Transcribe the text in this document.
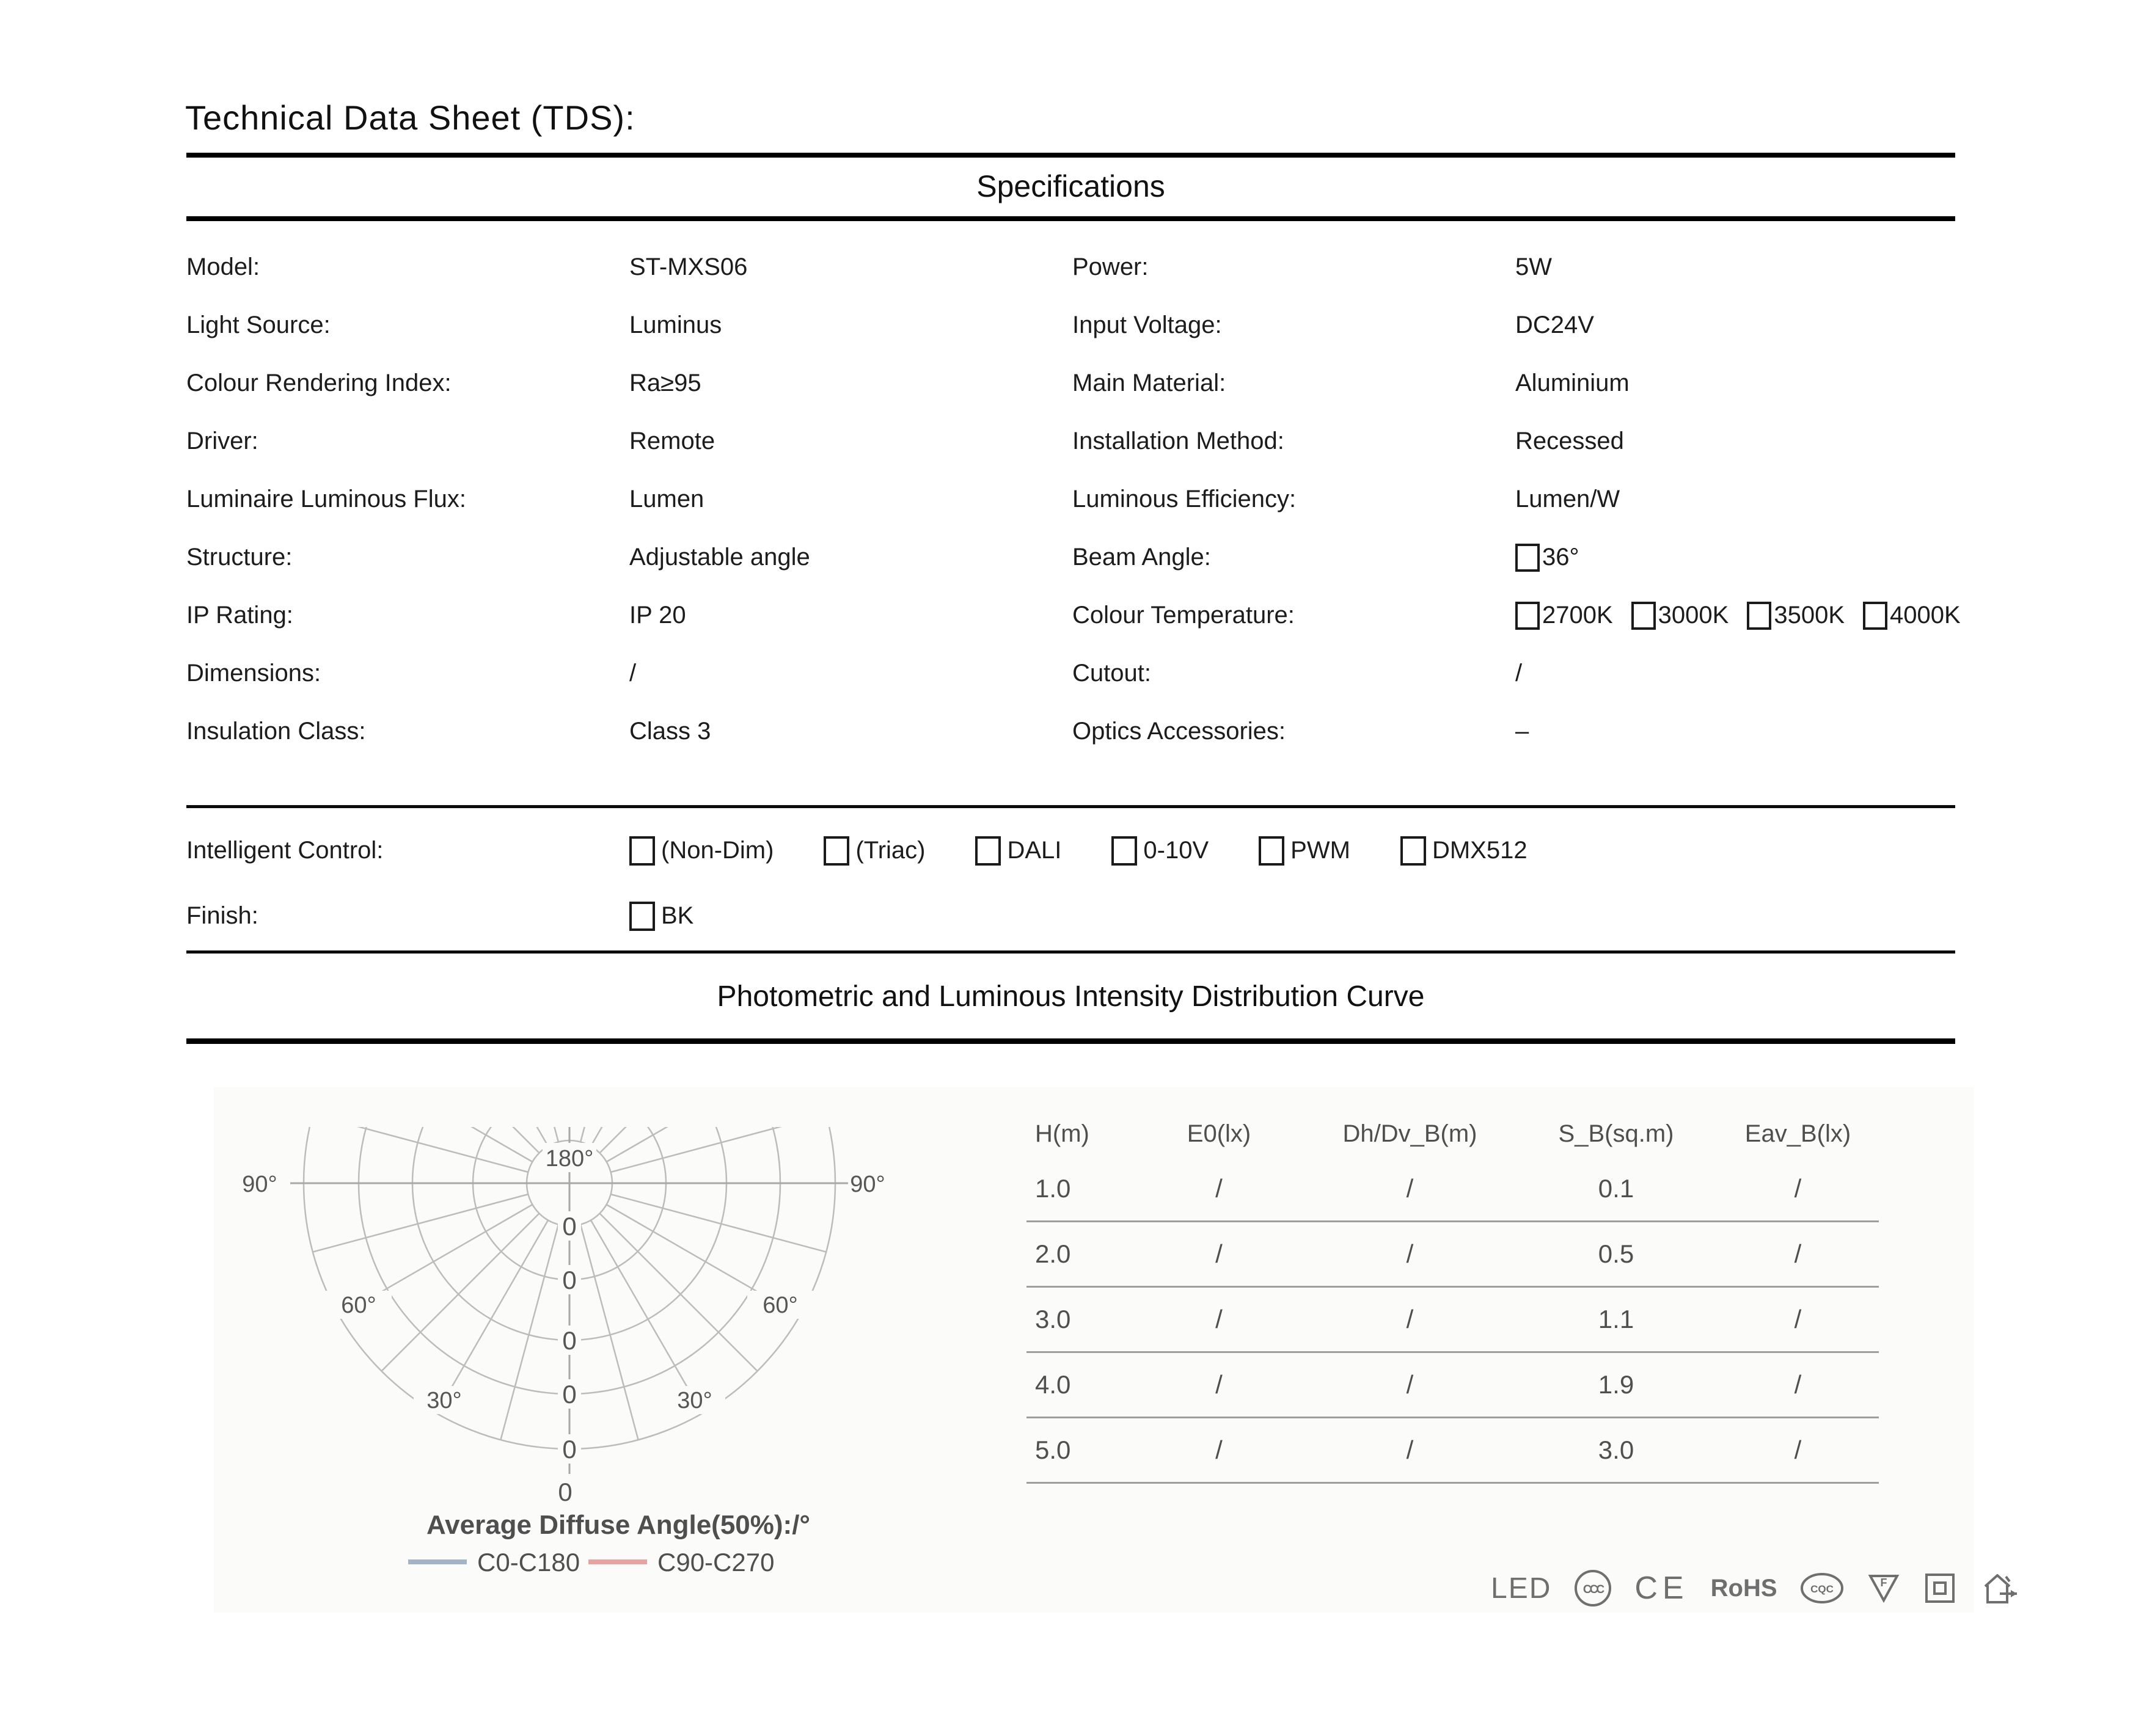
Technical Data Sheet (TDS):
Specifications
Model:	ST-MXS06	Power:	5W
Light Source:	Luminus	Input Voltage:	DC24V
Colour Rendering Index:	Ra≥95	Main Material:	Aluminium
Driver:	Remote	Installation Method:	Recessed
Luminaire Luminous Flux:	Lumen	Luminous Efficiency:	Lumen/W
Structure:	Adjustable angle	Beam Angle:	36°
IP Rating:	IP 20	Colour Temperature:	2700K 3000K 3500K 4000K
Dimensions:	/	Cutout:	/
Insulation Class:	Class 3	Optics Accessories:	–
Intelligent Control:	(Non-Dim)	(Triac)	DALI	0-10V	PWM	DMX512
Finish:	BK
Photometric and Luminous Intensity Distribution Curve
180°
90°	90°
60°	60°
30°	30°
0
0
0
0
0
0
Average Diffuse Angle(50%):/°
C0-C180	C90-C270
H(m)	E0(lx)	Dh/Dv_B(m)	S_B(sq.m)	Eav_B(lx)
1.0	/	/	0.1	/
2.0	/	/	0.5	/
3.0	/	/	1.1	/
4.0	/	/	1.9	/
5.0	/	/	3.0	/
LED	CCC CE RoHS	CQC
F
